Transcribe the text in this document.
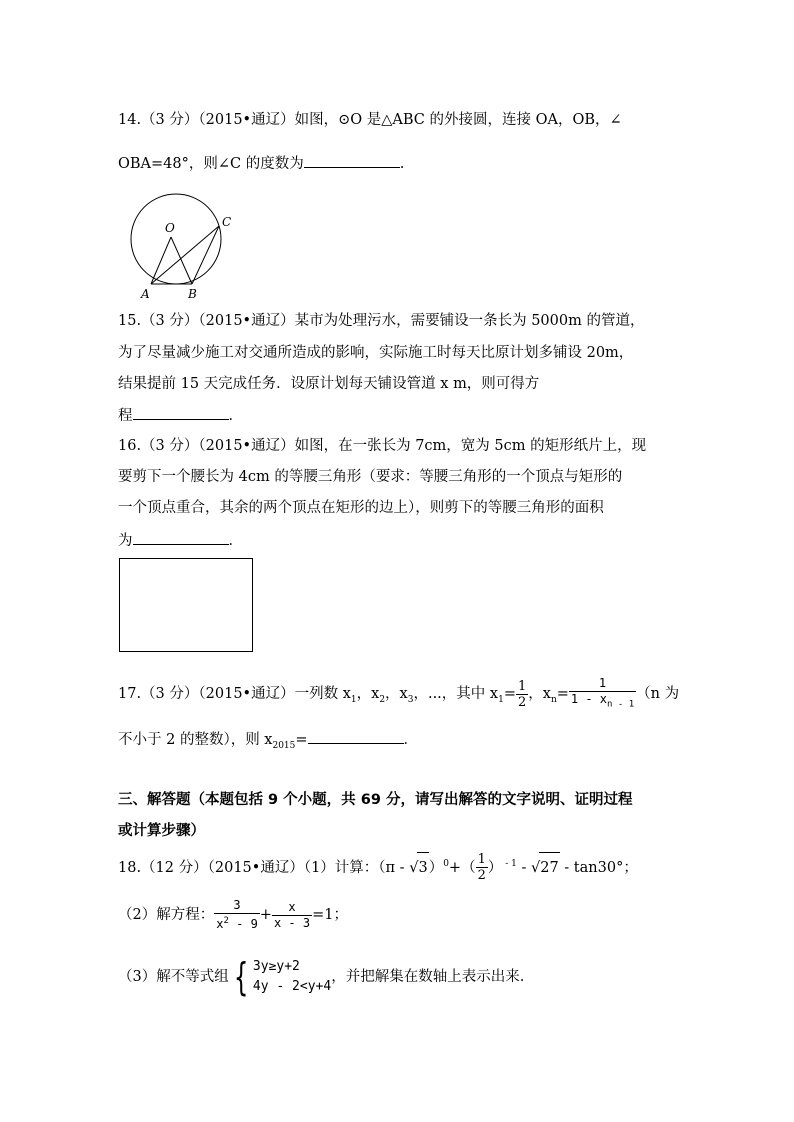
14.（3 分）（2015•通辽）如图，⊙O 是△ABC 的外接圆，连接 OA，OB，∠
OBA=48°，则∠C 的度数为	.
O	C
A	B
15.（3 分）（2015•通辽）某市为处理污水，需要铺设一条长为 5000m 的管道，
为了尽量减少施工对交通所造成的影响，实际施工时每天比原计划多铺设 20m，
结果提前 15 天完成任务．设原计划每天铺设管道 x m，则可得方
程	．
16.（3 分）（2015•通辽）如图，在一张长为 7cm，宽为 5cm 的矩形纸片上，现
要剪下一个腰长为 4cm 的等腰三角形（要求：等腰三角形的一个顶点与矩形的
一个顶点重合，其余的两个顶点在矩形的边上），则剪下的等腰三角形的面积
为	．
17.（3 分）（2015•通辽）一列数 $x_1$，$x_2$，$x_3$，...，其中 $x_1= \frac{1}{2}$ ，$x_n= \frac{1}{1 - x_{n - 1}} (n$ 为
不小于 2 的整数），则 $x_{2015}=$	．
三、解答题（本题包括 9 个小题，共 69 分，请写出解答的文字说明、证明过程
或计算步骤）
18.（12 分）（2015•通辽）（1）计算：$(\pi - √3)^0+( \frac{1}{2}$ ） $^{- 1}$ - √27 - tan30°；
（2）解方程： $\frac{3}{x^2 - 9} + \frac{x}{x - 3} =1$；
（3）解不等式组 { 3y≥y+2
4y - 2<y+4
，并把解集在数轴上表示出来.
